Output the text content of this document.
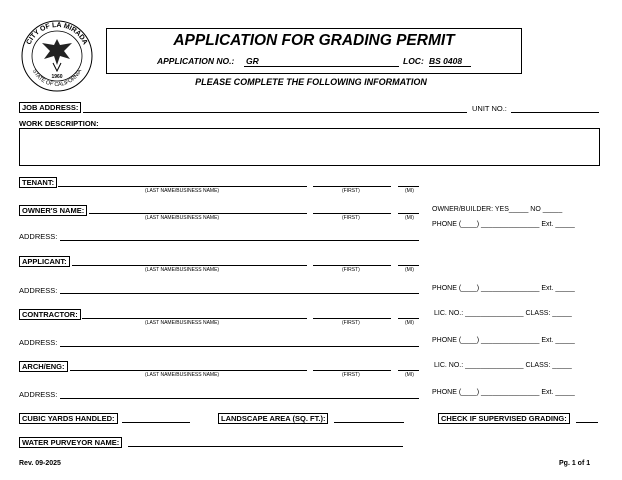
CITY OF LA MIRADA
STATE OF CALIFORNIA
1960
APPLICATION FOR GRADING PERMIT
APPLICATION NO.: GR	LOC: BS 0408
PLEASE COMPLETE THE FOLLOWING INFORMATION
JOB ADDRESS:	UNIT NO.:
WORK DESCRIPTION:
TENANT:
(LAST NAME/BUSINESS NAME)	(FIRST)	(MI)
OWNER'S NAME:
(LAST NAME/BUSINESS NAME)	(FIRST)	(MI)
OWNER/BUILDER: YES_____ NO _____
PHONE (____) _______________ Ext. _____
ADDRESS:
APPLICANT:
(LAST NAME/BUSINESS NAME)	(FIRST)	(MI)
ADDRESS:	PHONE (____) _______________ Ext. _____
CONTRACTOR:
(LAST NAME/BUSINESS NAME)	(FIRST)	(MI)
LIC. NO.: _______________ CLASS: _____
ADDRESS:	PHONE (____) _______________ Ext. _____
ARCH/ENG:
(LAST NAME/BUSINESS NAME)	(FIRST)	(MI)
LIC. NO.: _______________ CLASS: _____
ADDRESS:	PHONE (____) _______________ Ext. _____
CUBIC YARDS HANDLED:	LANDSCAPE AREA (SQ. FT.):	CHECK IF SUPERVISED GRADING:
WATER PURVEYOR NAME:
Rev. 09-2025	Pg. 1 of 1
